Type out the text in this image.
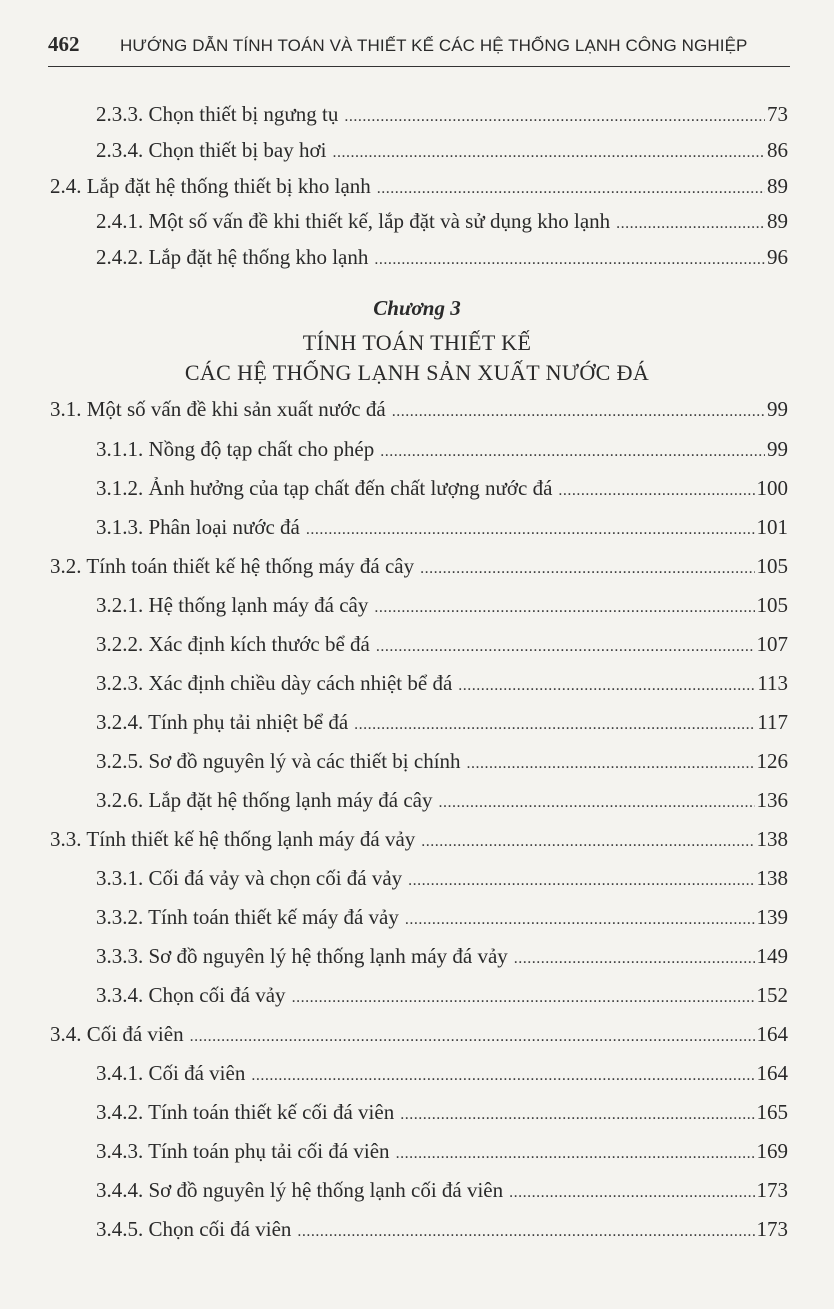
462 HƯỚNG DẪN TÍNH TOÁN VÀ THIẾT KẾ CÁC HỆ THỐNG LẠNH CÔNG NGHIỆP
2.3.3. Chọn thiết bị ngưng tụ .....	73
2.3.4. Chọn thiết bị bay hơi .....	86
2.4. Lắp đặt hệ thống thiết bị kho lạnh .....	89
2.4.1. Một số vấn đề khi thiết kế, lắp đặt và sử dụng kho lạnh .....	89
2.4.2. Lắp đặt hệ thống kho lạnh .....	96
Chương 3
TÍNH TOÁN THIẾT KẾ
CÁC HỆ THỐNG LẠNH SẢN XUẤT NƯỚC ĐÁ
3.1. Một số vấn đề khi sản xuất nước đá .....	99
3.1.1. Nồng độ tạp chất cho phép .....	99
3.1.2. Ảnh hưởng của tạp chất đến chất lượng nước đá .....	100
3.1.3. Phân loại nước đá .....	101
3.2. Tính toán thiết kế hệ thống máy đá cây .....	105
3.2.1. Hệ thống lạnh máy đá cây .....	105
3.2.2. Xác định kích thước bể đá .....	107
3.2.3. Xác định chiều dày cách nhiệt bể đá .....	113
3.2.4. Tính phụ tải nhiệt bể đá .....	117
3.2.5. Sơ đồ nguyên lý và các thiết bị chính .....	126
3.2.6. Lắp đặt hệ thống lạnh máy đá cây .....	136
3.3. Tính thiết kế hệ thống lạnh máy đá vảy .....	138
3.3.1. Cối đá vảy và chọn cối đá vảy .....	138
3.3.2. Tính toán thiết kế máy đá vảy .....	139
3.3.3. Sơ đồ nguyên lý hệ thống lạnh máy đá vảy .....	149
3.3.4. Chọn cối đá vảy .....	152
3.4. Cối đá viên .....	164
3.4.1. Cối đá viên .....	164
3.4.2. Tính toán thiết kế cối đá viên .....	165
3.4.3. Tính toán phụ tải cối đá viên .....	169
3.4.4. Sơ đồ nguyên lý hệ thống lạnh cối đá viên .....	173
3.4.5. Chọn cối đá viên .....	173
